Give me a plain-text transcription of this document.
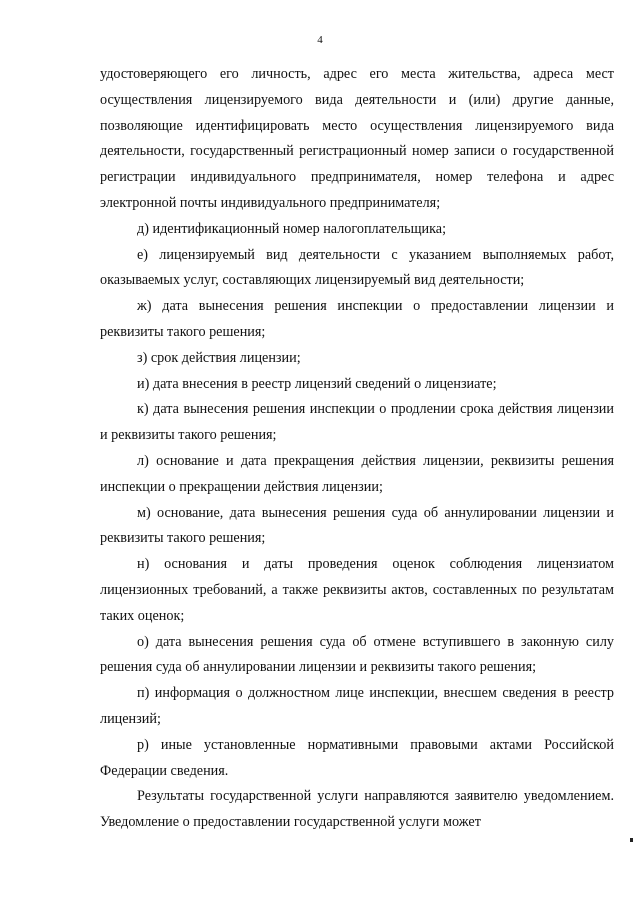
4

удостоверяющего его личность, адрес его места жительства, адреса мест осуществления лицензируемого вида деятельности и (или) другие данные, позволяющие идентифицировать место осуществления лицензируемого вида деятельности, государственный регистрационный номер записи о государственной регистрации индивидуального предпринимателя, номер телефона и адрес электронной почты индивидуального предпринимателя;

д) идентификационный номер налогоплательщика;

е) лицензируемый вид деятельности с указанием выполняемых работ, оказываемых услуг, составляющих лицензируемый вид деятельности;

ж) дата вынесения решения инспекции о предоставлении лицензии и реквизиты такого решения;

з) срок действия лицензии;

и) дата внесения в реестр лицензий сведений о лицензиате;

к) дата вынесения решения инспекции о продлении срока действия лицензии и реквизиты такого решения;

л) основание и дата прекращения действия лицензии, реквизиты решения инспекции о прекращении действия лицензии;

м) основание, дата вынесения решения суда об аннулировании лицензии и реквизиты такого решения;

н) основания и даты проведения оценок соблюдения лицензиатом лицензионных требований, а также реквизиты актов, составленных по результатам таких оценок;

о) дата вынесения решения суда об отмене вступившего в законную силу решения суда об аннулировании лицензии и реквизиты такого решения;

п) информация о должностном лице инспекции, внесшем сведения в реестр лицензий;

р) иные установленные нормативными правовыми актами Российской Федерации сведения.

Результаты государственной услуги направляются заявителю уведомлением. Уведомление о предоставлении государственной услуги может
